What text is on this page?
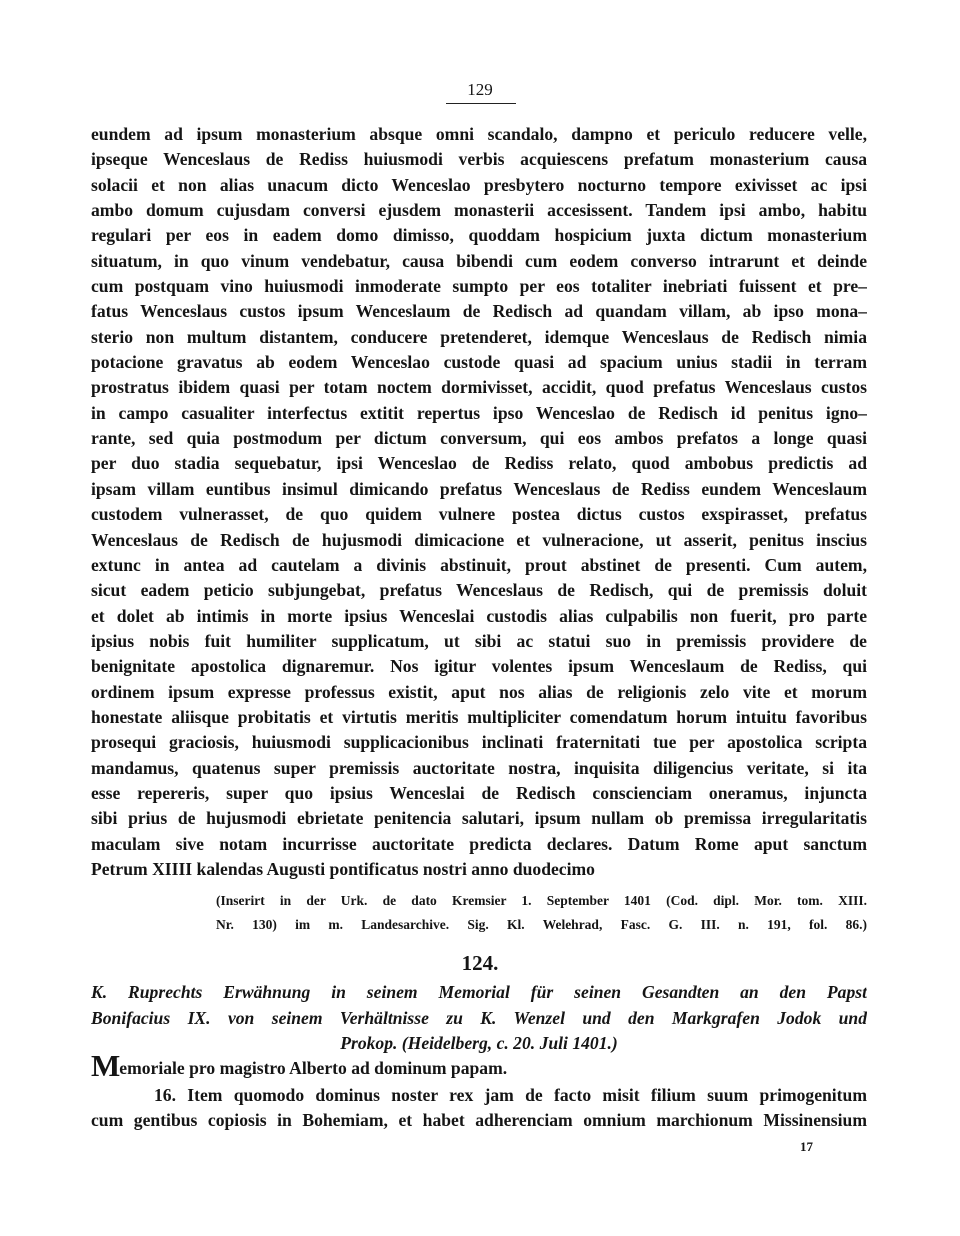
129
eundem ad ipsum monasterium absque omni scandalo, dampno et periculo reducere velle,
ipseque Wenceslaus de Rediss huiusmodi verbis acquiescens prefatum monasterium causa
solacii et non alias unacum dicto Wenceslao presbytero nocturno tempore exivisset ac ipsi
ambo domum cujusdam conversi ejusdem monasterii accesissent. Tandem ipsi ambo, habitu
regulari per eos in eadem domo dimisso, quoddam hospicium juxta dictum monasterium
situatum, in quo vinum vendebatur, causa bibendi cum eodem converso intrarunt et deinde
cum postquam vino huiusmodi inmoderate sumpto per eos totaliter inebriati fuissent et pre–
fatus Wenceslaus custos ipsum Wenceslaum de Redisch ad quandam villam, ab ipso mona–
sterio non multum distantem, conducere pretenderet, idemque Wenceslaus de Redisch nimia
potacione gravatus ab eodem Wenceslao custode quasi ad spacium unius stadii in terram
prostratus ibidem quasi per totam noctem dormivisset, accidit, quod prefatus Wenceslaus custos
in campo casualiter interfectus extitit repertus ipso Wenceslao de Redisch id penitus igno–
rante, sed quia postmodum per dictum conversum, qui eos ambos prefatos a longe quasi
per duo stadia sequebatur, ipsi Wenceslao de Rediss relato, quod ambobus predictis ad
ipsam villam euntibus insimul dimicando prefatus Wenceslaus de Rediss eundem Wenceslaum
custodem vulnerasset, de quo quidem vulnere postea dictus custos exspirasset, prefatus
Wenceslaus de Redisch de hujusmodi dimicacione et vulneracione, ut asserit, penitus inscius
extunc in antea ad cautelam a divinis abstinuit, prout abstinet de presenti. Cum autem,
sicut eadem peticio subjungebat, prefatus Wenceslaus de Redisch, qui de premissis doluit
et dolet ab intimis in morte ipsius Wenceslai custodis alias culpabilis non fuerit, pro parte
ipsius nobis fuit humiliter supplicatum, ut sibi ac statui suo in premissis providere de
benignitate apostolica dignaremur. Nos igitur volentes ipsum Wenceslaum de Rediss, qui
ordinem ipsum expresse professus existit, aput nos alias de religionis zelo vite et morum
honestate aliisque probitatis et virtutis meritis multipliciter comendatum horum intuitu favoribus
prosequi graciosis, huiusmodi supplicacionibus inclinati fraternitati tue per apostolica scripta
mandamus, quatenus super premissis auctoritate nostra, inquisita diligencius veritate, si ita
esse repereris, super quo ipsius Wenceslai de Redisch conscienciam oneramus, injuncta
sibi prius de hujusmodi ebrietate penitencia salutari, ipsum nullam ob premissa irregularitatis
maculam sive notam incurrisse auctoritate predicta declares. Datum Rome aput sanctum
Petrum XIIII kalendas Augusti pontificatus nostri anno duodecimo
(Inserirt in der Urk. de dato Kremsier 1. September 1401 (Cod. dipl. Mor. tom. XIII.
Nr. 130) im m. Landesarchive. Sig. Kl. Welehrad, Fasc. G. III. n. 191, fol. 86.)
124.
K. Ruprechts Erwähnung in seinem Memorial für seinen Gesandten an den Papst
Bonifacius IX. von seinem Verhältnisse zu K. Wenzel und den Markgrafen Jodok und
Prokop. (Heidelberg, c. 20. Juli 1401.)
Memoriale pro magistro Alberto ad dominum papam.
16. Item quomodo dominus noster rex jam de facto misit filium suum primogenitum
cum gentibus copiosis in Bohemiam, et habet adherenciam omnium marchionum Missinensium
17
